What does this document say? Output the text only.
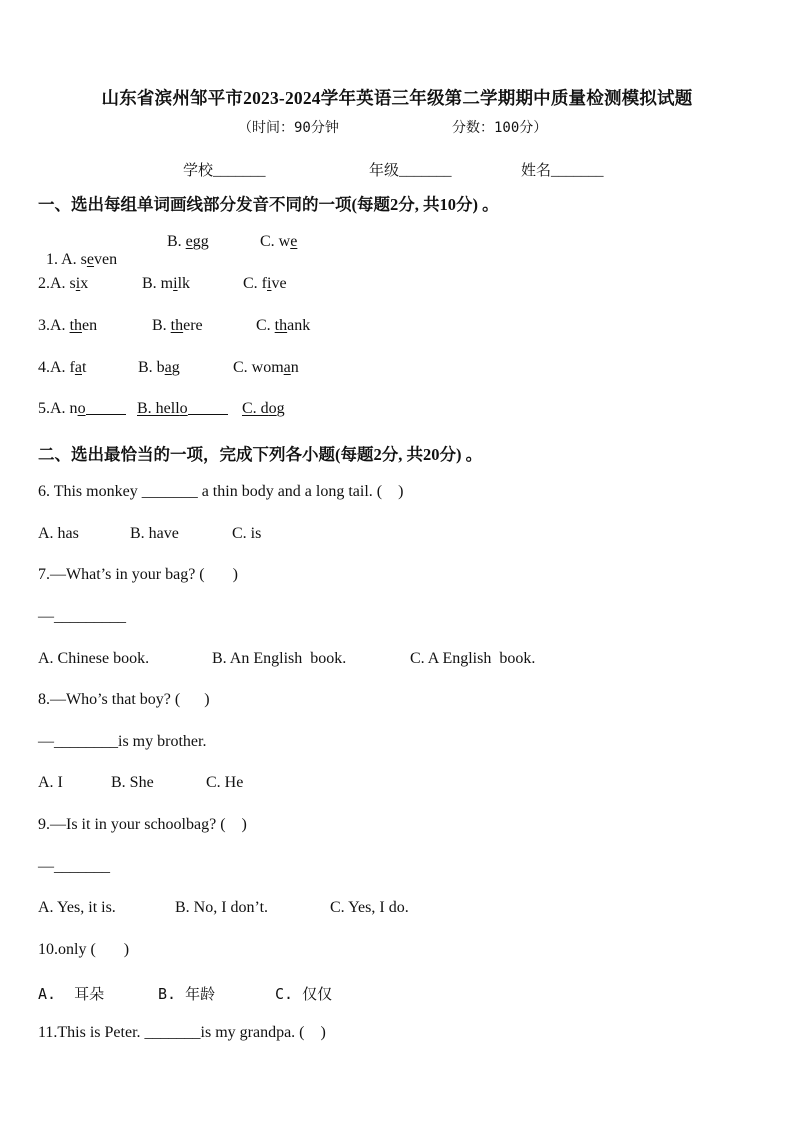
山东省滨州邹平市2023-2024学年英语三年级第二学期期中质量检测模拟试题
（时间：90分钟	分数：100分）
学校_______	年级_______	姓名_______
一、选出每组单词画线部分发音不同的一项(每题2分, 共10分) 。

1. A. seven

B. egg	C. we
2.A. six	B. milk	C. five
3.A. then	B. there	C. thank
4.A. fat	B. bag	C. woman
5.A. no	B. hello	C. dog
二、选出最恰当的一项，完成下列各小题(每题2分, 共20分) 。
6. This monkey _______ a thin body and a long tail. (    )
A. has	B. have	C. is
7.—What’s in your bag? (       )
—_________
A. Chinese book.	B. An English  book.	C. A English  book.
8.—Who’s that boy? (      )
—________is my brother.
A. I	B. She	C. He
9.—Is it in your schoolbag? (    )
—_______
A. Yes, it is.	B. No, I don’t.	C. Yes, I do.
10.only (       )
A.  耳朵	B. 年龄	C. 仅仅
11.This is Peter. _______is my grandpa. (    )
